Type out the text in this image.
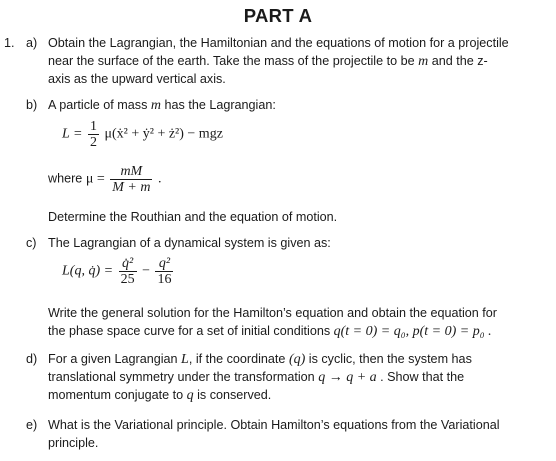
PART A
1. a) Obtain the Lagrangian, the Hamiltonian and the equations of motion for a projectile
near the surface of the earth. Take the mass of the projectile to be m and the z-
axis as the upward vertical axis.
b) A particle of mass m has the Lagrangian:
$L = \frac{1}{2}$ μ(ẋ² + ẏ² + ż²) − mgz
where $\mu = \frac{mM}{M + m}$ .
Determine the Routhian and the equation of motion.
c) The Lagrangian of a dynamical system is given as:
L(q, q̇) = $\frac{\text{q̇²}}{25} - \frac{\text{q²}}{16}$
Write the general solution for the Hamilton’s equation and obtain the equation for
the phase space curve for a set of initial conditions q(t = 0) = q₀, p(t = 0) = p₀ .
d) For a given Lagrangian L, if the coordinate (q) is cyclic, then the system has
translational symmetry under the transformation q → q + a . Show that the
momentum conjugate to q is conserved.
e) What is the Variational principle. Obtain Hamilton’s equations from the Variational
principle.
